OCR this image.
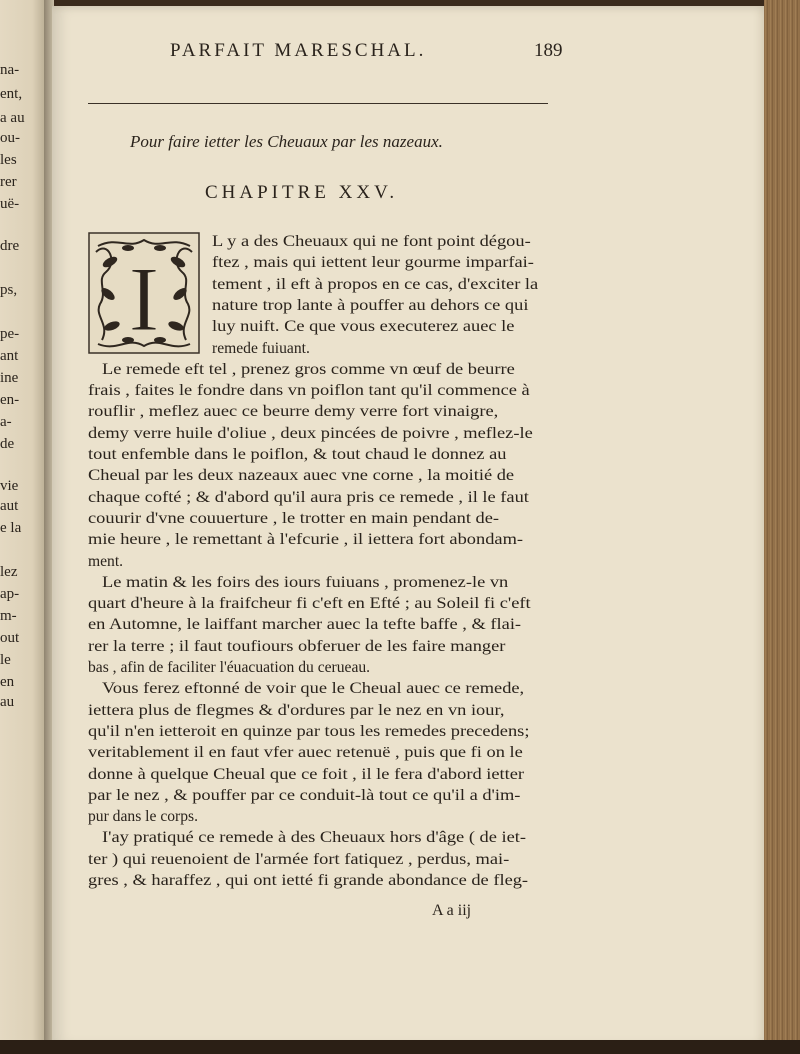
na-
ent,
a au
ou-
les
rer
uë-
dre
ps,
pe-
ant
ine
en-
a-
de
vie
aut
e la
lez
ap-
m-
out
le
en
au
PARFAIT MARESCHAL.	189
Pour faire ietter les Cheuaux par les nazeaux.
CHAPITRE XXV.
I
L y a des Cheuaux qui ne font point dégou-
ftez , mais qui iettent leur gourme imparfai-
tement , il eft à propos en ce cas, d'exciter la
nature trop lante à pouffer au dehors ce qui
luy nuift. Ce que vous executerez auec le
remede fuiuant.
Le remede eft tel , prenez gros comme vn œuf de beurre
frais , faites le fondre dans vn poiflon tant qu'il commence à
rouflir , meflez auec ce beurre demy verre fort vinaigre,
demy verre huile d'oliue , deux pincées de poivre , meflez-le
tout enfemble dans le poiflon, & tout chaud le donnez au
Cheual par les deux nazeaux auec vne corne , la moitié de
chaque cofté ; & d'abord qu'il aura pris ce remede , il le faut
couurir d'vne couuerture , le trotter en main pendant de-
mie heure , le remettant à l'efcurie , il iettera fort abondam-
ment.
Le matin & les foirs des iours fuiuans , promenez-le vn
quart d'heure à la fraifcheur fi c'eft en Efté ; au Soleil fi c'eft
en Automne, le laiffant marcher auec la tefte baffe , & flai-
rer la terre ; il faut toufiours obferuer de les faire manger
bas , afin de faciliter l'éuacuation du cerueau.
Vous ferez eftonné de voir que le Cheual auec ce remede,
iettera plus de flegmes & d'ordures par le nez en vn iour,
qu'il n'en ietteroit en quinze par tous les remedes precedens;
veritablement il en faut vfer auec retenuë , puis que fi on le
donne à quelque Cheual que ce foit , il le fera d'abord ietter
par le nez , & pouffer par ce conduit-là tout ce qu'il a d'im-
pur dans le corps.
I'ay pratiqué ce remede à des Cheuaux hors d'âge ( de iet-
ter ) qui reuenoient de l'armée fort fatiquez , perdus, mai-
gres , & haraffez , qui ont ietté fi grande abondance de fleg-
A a iij
